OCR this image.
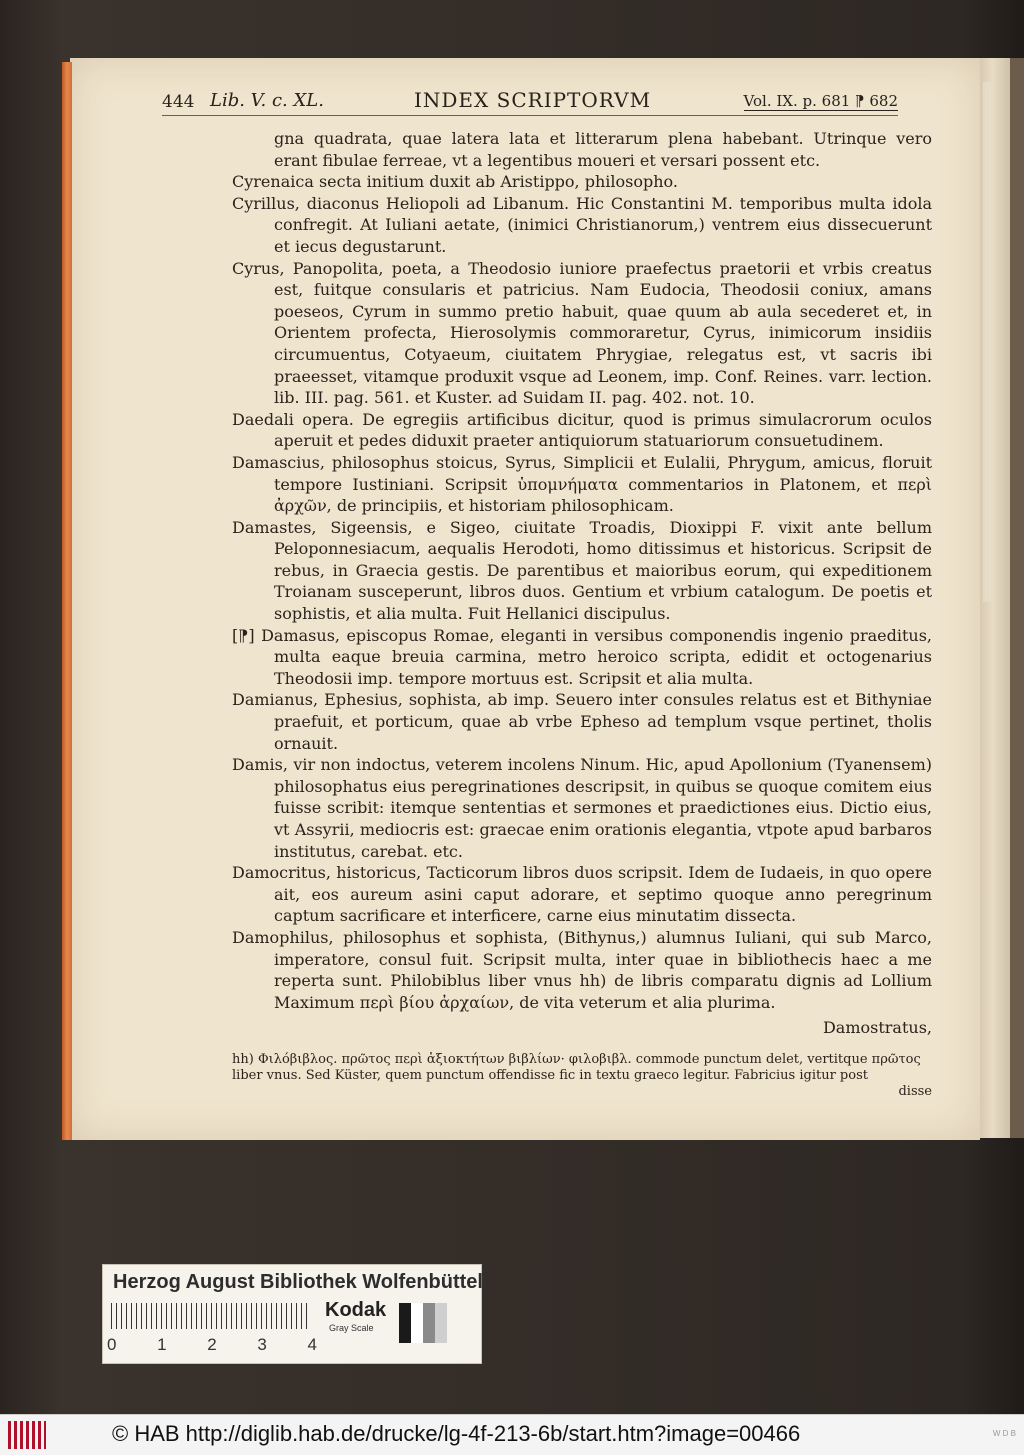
444 Lib. V. c. XL.	INDEX SCRIPTORVM	Vol. IX. p. 681 ⁋ 682

gna quadrata, quae latera lata et litterarum plena habebant. Utrinque vero erant fibulae ferreae, vt a legentibus moueri et versari possent etc.

Cyrenaica secta initium duxit ab Aristippo, philosopho.

Cyrillus, diaconus Heliopoli ad Libanum. Hic Constantini M. temporibus multa idola confregit. At Iuliani aetate, (inimici Christianorum,) ventrem eius dissecuerunt et iecus degustarunt.

Cyrus, Panopolita, poeta, a Theodosio iuniore praefectus praetorii et vrbis creatus est, fuitque consularis et patricius. Nam Eudocia, Theodosii coniux, amans poeseos, Cyrum in summo pretio habuit, quae quum ab aula secederet et, in Orientem profecta, Hierosolymis commoraretur, Cyrus, inimicorum insidiis circumuentus, Cotyaeum, ciuitatem Phrygiae, relegatus est, vt sacris ibi praeesset, vitamque produxit vsque ad Leonem, imp. Conf. Reines. varr. lection. lib. III. pag. 561. et Kuster. ad Suidam II. pag. 402. not. 10.

Daedali opera. De egregiis artificibus dicitur, quod is primus simulacrorum oculos aperuit et pedes diduxit praeter antiquiorum statuariorum consuetudinem.

Damascius, philosophus stoicus, Syrus, Simplicii et Eulalii, Phrygum, amicus, floruit tempore Iustiniani. Scripsit ὑπομνήματα commentarios in Platonem, et περὶ ἀρχῶν, de principiis, et historiam philosophicam.

Damastes, Sigeensis, e Sigeo, ciuitate Troadis, Dioxippi F. vixit ante bellum Peloponnesiacum, aequalis Herodoti, homo ditissimus et historicus. Scripsit de rebus, in Graecia gestis. De parentibus et maioribus eorum, qui expeditionem Troianam susceperunt, libros duos. Gentium et vrbium catalogum. De poetis et sophistis, et alia multa. Fuit Hellanici discipulus.

[⁋] Damasus, episcopus Romae, eleganti in versibus componendis ingenio praeditus, multa eaque breuia carmina, metro heroico scripta, edidit et octogenarius Theodosii imp. tempore mortuus est. Scripsit et alia multa.

Damianus, Ephesius, sophista, ab imp. Seuero inter consules relatus est et Bithyniae praefuit, et porticum, quae ab vrbe Epheso ad templum vsque pertinet, tholis ornauit.

Damis, vir non indoctus, veterem incolens Ninum. Hic, apud Apollonium (Tyanensem) philosophatus eius peregrinationes descripsit, in quibus se quoque comitem eius fuisse scribit: itemque sententias et sermones et praedictiones eius. Dictio eius, vt Assyrii, mediocris est: graecae enim orationis elegantia, vtpote apud barbaros institutus, carebat. etc.

Damocritus, historicus, Tacticorum libros duos scripsit. Idem de Iudaeis, in quo opere ait, eos aureum asini caput adorare, et septimo quoque anno peregrinum captum sacrificare et interficere, carne eius minutatim dissecta.

Damophilus, philosophus et sophista, (Bithynus,) alumnus Iuliani, qui sub Marco, imperatore, consul fuit. Scripsit multa, inter quae in bibliothecis haec a me reperta sunt. Philobiblus liber vnus hh) de libris comparatu dignis ad Lollium Maximum περὶ βίου ἀρχαίων, de vita veterum et alia plurima.

Damostratus,

hh) Φιλόβιβλος. πρῶτος περὶ ἀξιοκτήτων βιβλίων· φιλοβιβλ. commode punctum delet, vertitque πρῶτος liber vnus. Sed Küster, quem punctum offendisse fic in textu graeco legitur. Fabricius igitur post
disse
Herzog August Bibliothek Wolfenbüttel
0 1 2 3 4
Kodak
Gray Scale
© HAB http://diglib.hab.de/drucke/lg-4f-213-6b/start.htm?image=00466	W D B
